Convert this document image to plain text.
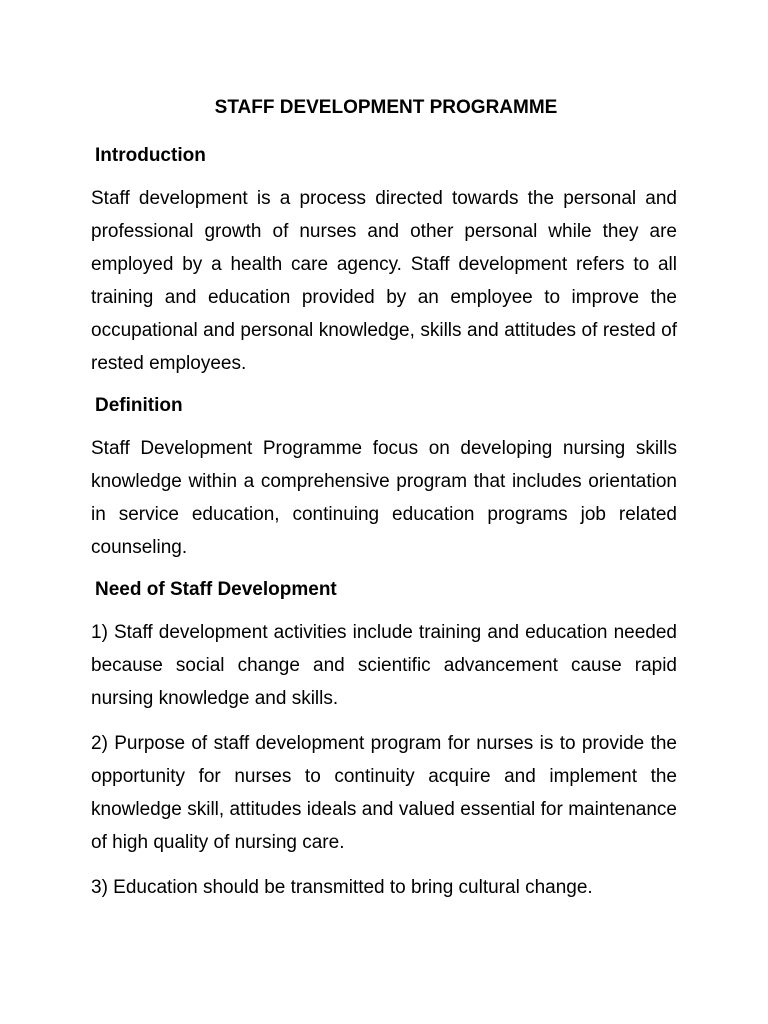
STAFF DEVELOPMENT PROGRAMME
Introduction

Staff development is a process directed towards the personal and professional growth of nurses and other personal while they are employed by a health care agency. Staff development refers to all training and education provided by an employee to improve the occupational and personal knowledge, skills and attitudes of rested of rested employees.

Definition

Staff Development Programme focus on developing nursing skills knowledge within a comprehensive program that includes orientation in service education, continuing education programs job related counseling.

Need of Staff Development

1) Staff development activities include training and education needed because social change and scientific advancement cause rapid nursing knowledge and skills.

2) Purpose of staff development program for nurses is to provide the opportunity for nurses to continuity acquire and implement the knowledge skill, attitudes ideals and valued essential for maintenance of high quality of nursing care.

3) Education should be transmitted to bring cultural change.
